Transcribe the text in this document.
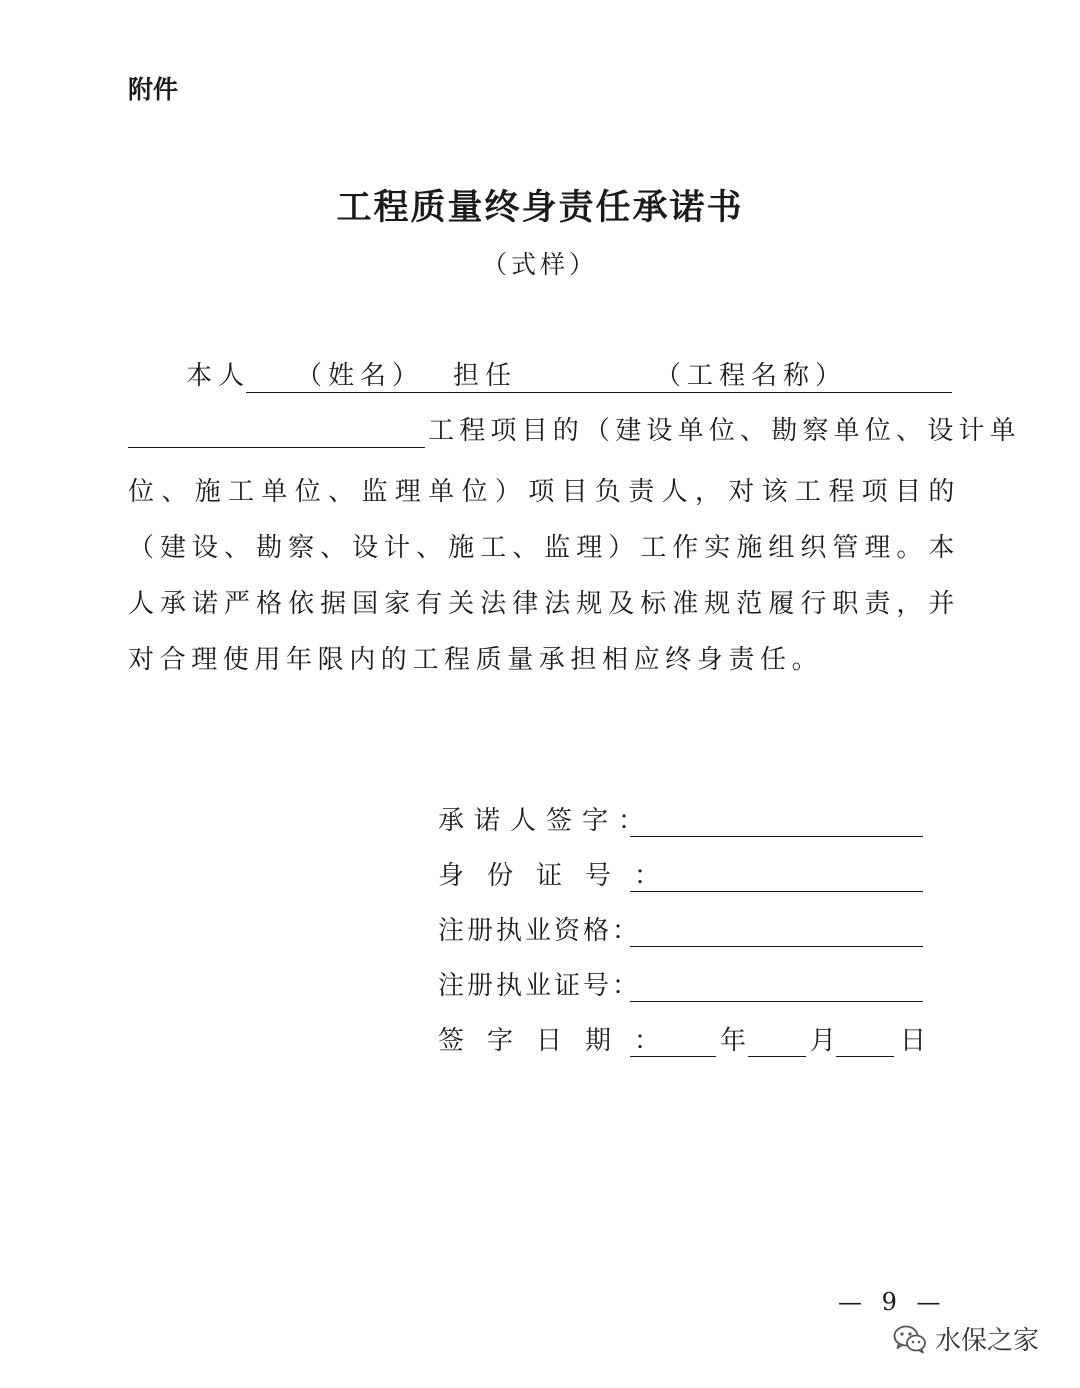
附件
工程质量终身责任承诺书
（式样）
本人 （姓名） 担任	（工程名称）
工程项目的（建设单位、勘察单位、设计单
位、施工单位、监理单位）项目负责人，对该工程项目的（建设、勘察、设计、施工、监理）工作实施组织管理。本人承诺严格依据国家有关法律法规及标准规范履行职责，并对合理使用年限内的工程质量承担相应终身责任。
承诺人签字：
身份证号：
注册执业资格：
注册执业证号：
签字日期： 年 月 日
— 9 —
水保之家
